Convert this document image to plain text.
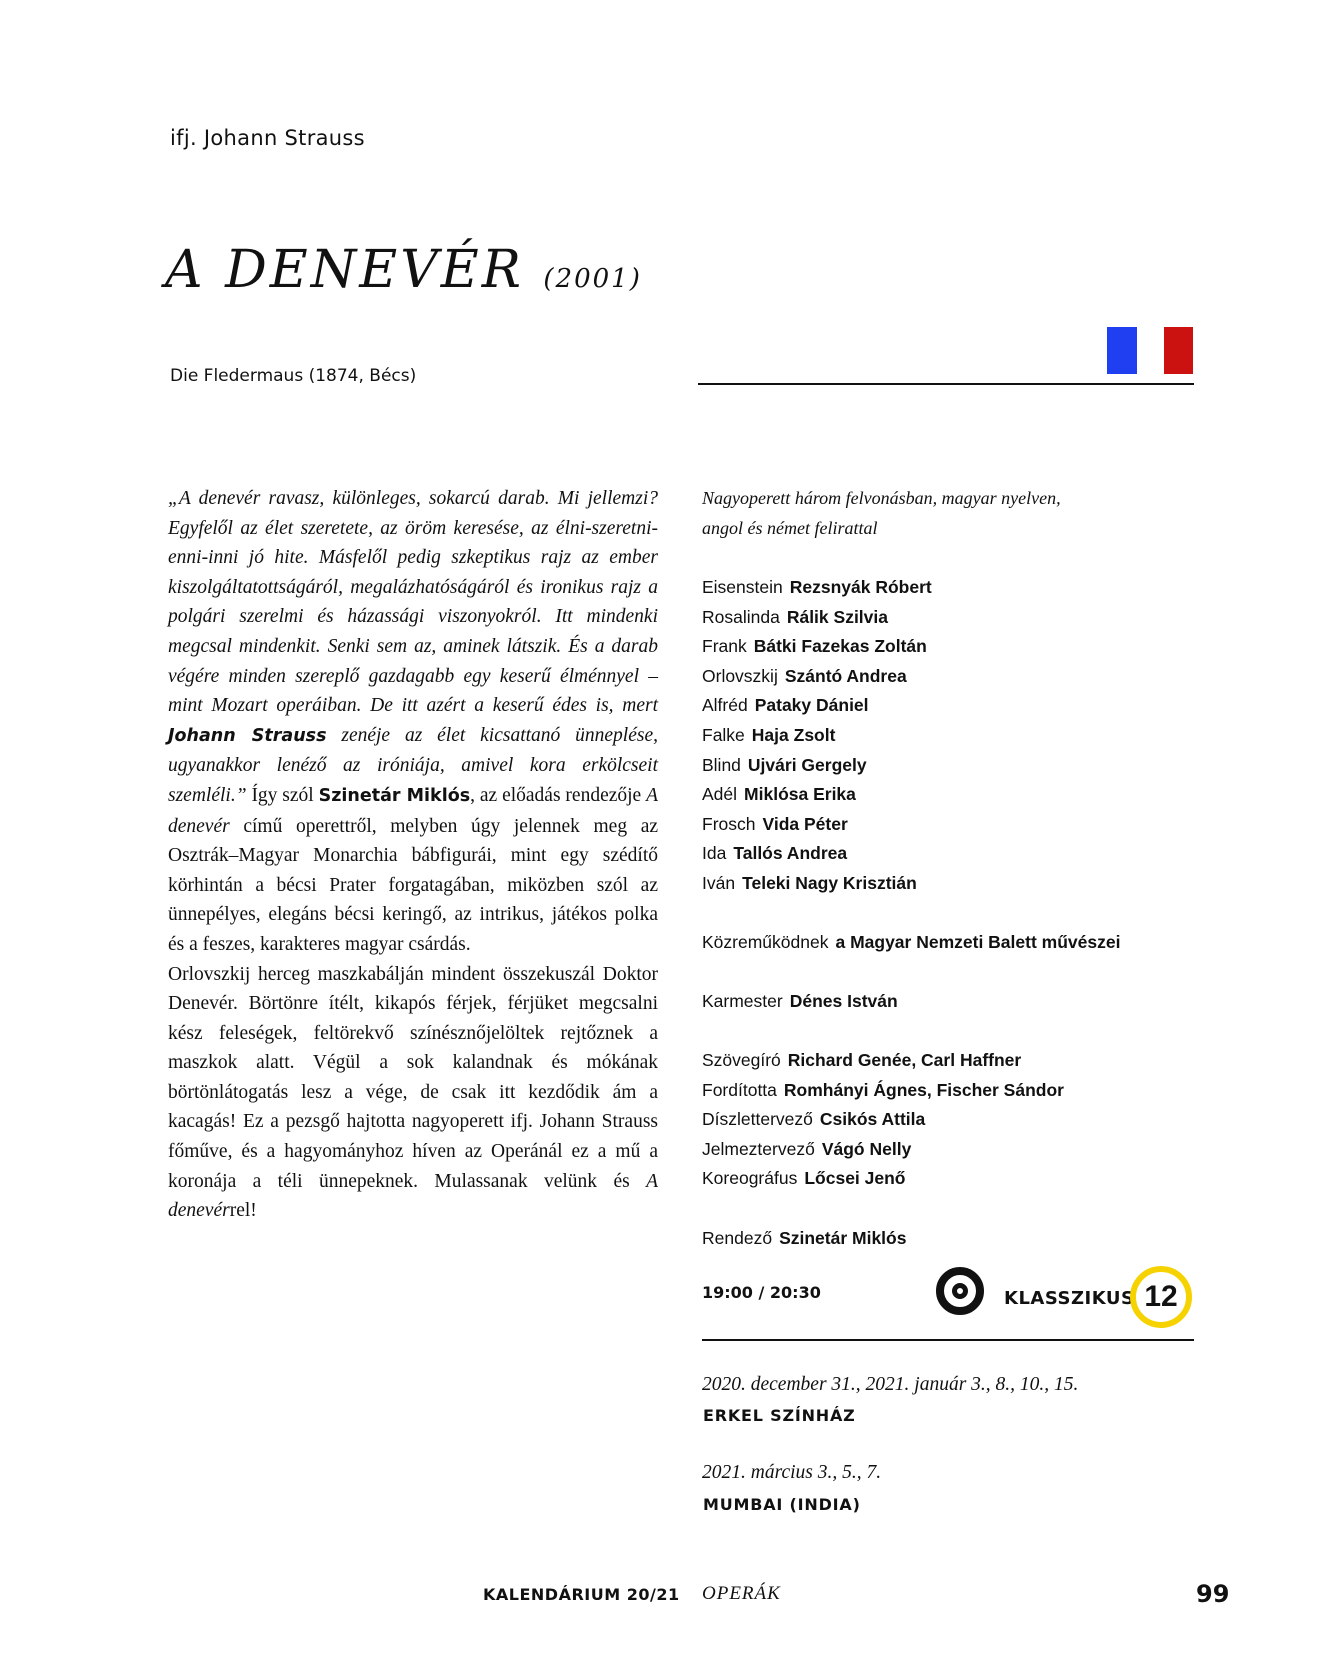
ifj. Johann Strauss
A DENEVÉR (2001)
Die Fledermaus (1874, Bécs)

„A denevér ravasz, különleges, sokarcú darab. Mi jellemzi? Egyfelől az élet szeretete, az öröm keresése, az élni-szeretni-enni-inni jó hite. Másfelől pedig szkeptikus rajz az ember kiszolgáltatottságáról, megalázhatóságáról és ironikus rajz a polgári szerelmi és házassági viszonyokról. Itt mindenki megcsal mindenkit. Senki sem az, aminek látszik. És a darab végére minden szereplő gazdagabb egy keserű élménnyel – mint Mozart operáiban. De itt azért a keserű édes is, mert Johann Strauss zenéje az élet kicsattanó ünneplése, ugyanakkor lenéző az iróniája, amivel kora erkölcseit szemléli.” Így szól Szinetár Miklós, az előadás rendezője A denevér című operettről, melyben úgy jelennek meg az Osztrák–Magyar Monarchia bábfigurái, mint egy szédítő körhintán a bécsi Prater forgatagában, miközben szól az ünnepélyes, elegáns bécsi keringő, az intrikus, játékos polka és a feszes, karakteres magyar csárdás.

Orlovszkij herceg maszkabálján mindent összekuszál Doktor Denevér. Börtönre ítélt, kikapós férjek, férjüket megcsalni kész feleségek, feltörekvő színésznőjelöltek rejtőznek a maszkok alatt. Végül a sok kalandnak és mókának börtönlátogatás lesz a vége, de csak itt kezdődik ám a kacagás! Ez a pezsgő hajtotta nagyoperett ifj. Johann Strauss főműve, és a hagyományhoz híven az Operánál ez a mű a koronája a téli ünnepeknek. Mulassanak velünk és A denevérrel!

Nagyoperett három felvonásban, magyar nyelven,
angol és német felirattal
Eisenstein Rezsnyák Róbert
Rosalinda Rálik Szilvia
Frank Bátki Fazekas Zoltán
Orlovszkij Szántó Andrea
Alfréd Pataky Dániel
Falke Haja Zsolt
Blind Ujvári Gergely
Adél Miklósa Erika
Frosch Vida Péter
Ida Tallós Andrea
Iván Teleki Nagy Krisztián
Közreműködnek a Magyar Nemzeti Balett művészei
Karmester Dénes István
Szövegíró Richard Genée, Carl Haffner
Fordította Romhányi Ágnes, Fischer Sándor
Díszlettervező Csikós Attila
Jelmeztervező Vágó Nelly
Koreográfus Lőcsei Jenő
Rendező Szinetár Miklós
19:00 / 20:30	KLASSZIKUS 12
2020. december 31., 2021. január 3., 8., 10., 15.
ERKEL SZÍNHÁZ
2021. március 3., 5., 7.
MUMBAI (INDIA)
KALENDÁRIUM 20/21 OPERÁK	99
